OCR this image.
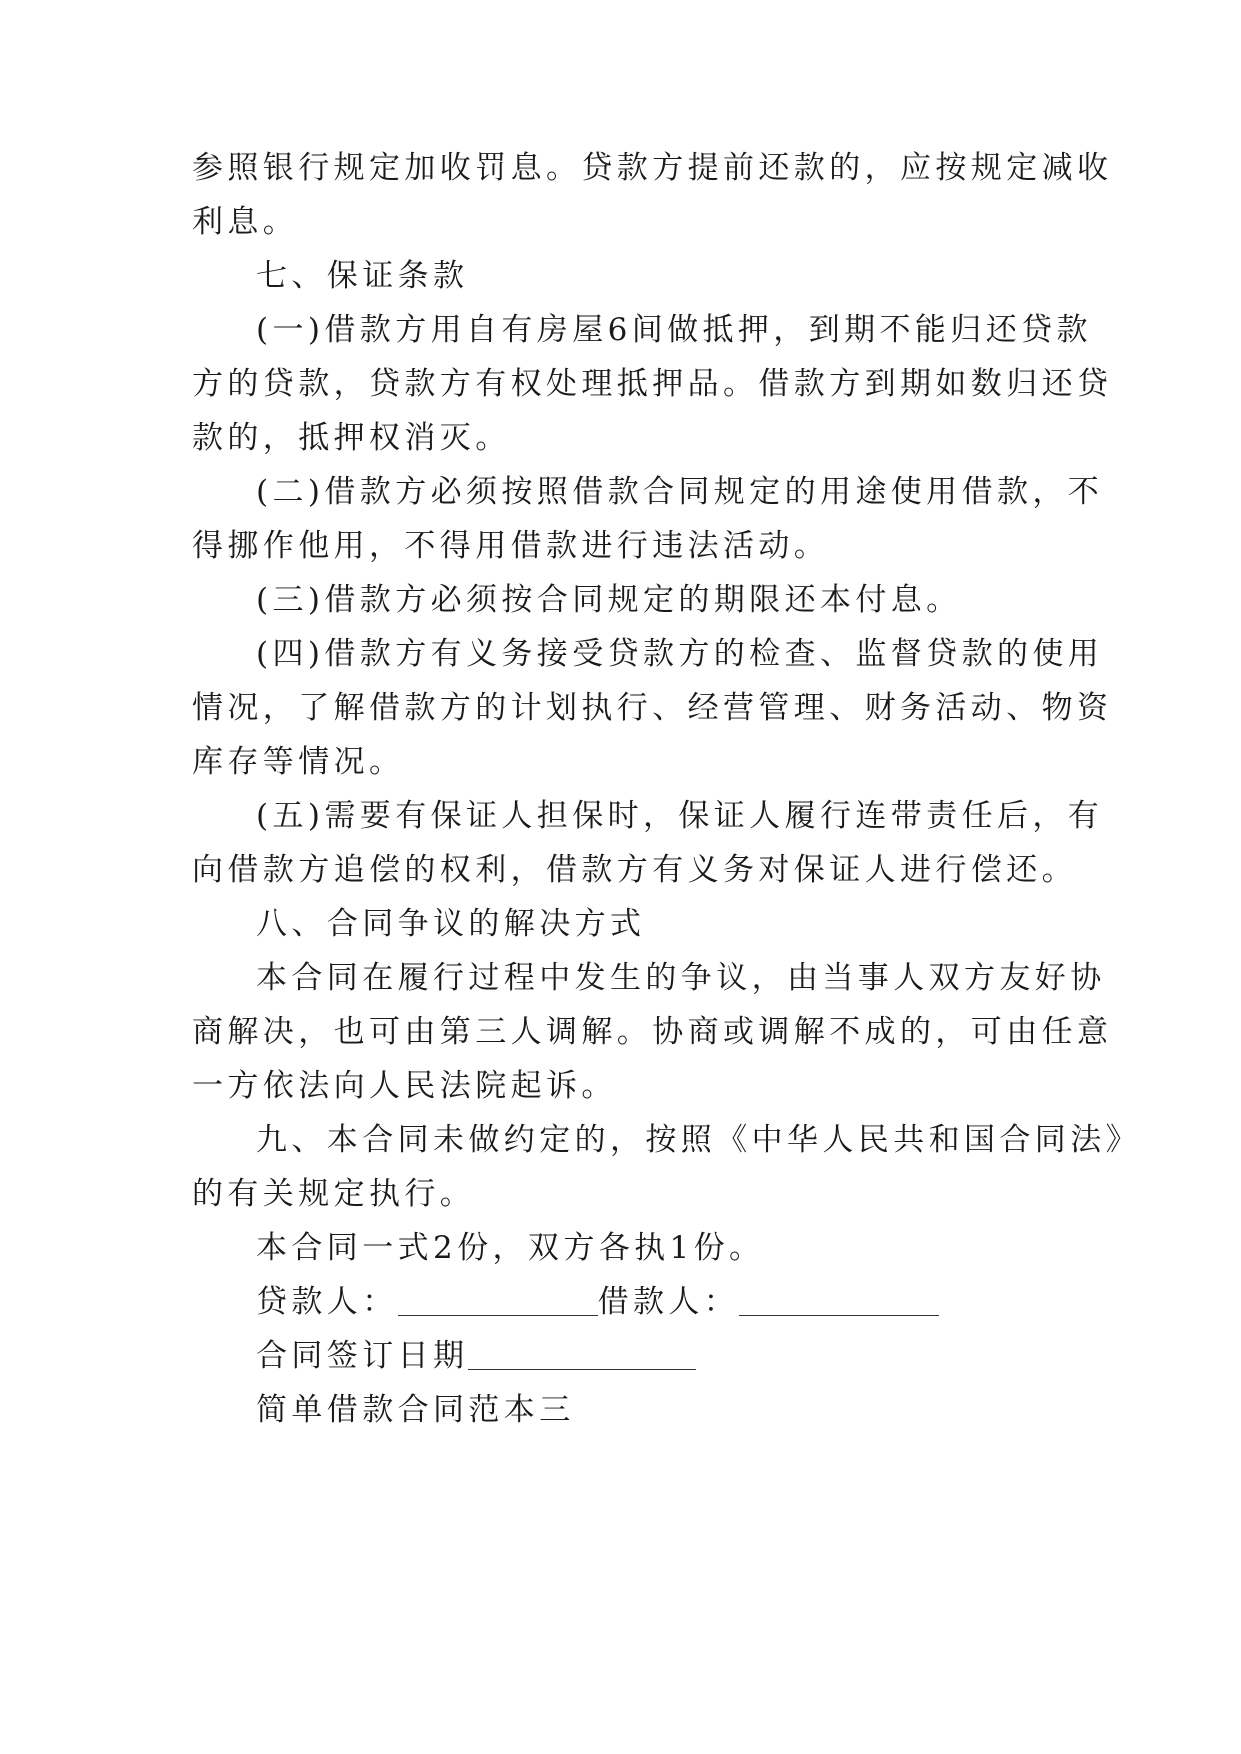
参照银行规定加收罚息。贷款方提前还款的，应按规定减收
利息。
七、保证条款
(一)借款方用自有房屋6间做抵押，到期不能归还贷款
方的贷款，贷款方有权处理抵押品。借款方到期如数归还贷
款的，抵押权消灭。
(二)借款方必须按照借款合同规定的用途使用借款，不
得挪作他用，不得用借款进行违法活动。
(三)借款方必须按合同规定的期限还本付息。
(四)借款方有义务接受贷款方的检查、监督贷款的使用
情况，了解借款方的计划执行、经营管理、财务活动、物资
库存等情况。
(五)需要有保证人担保时，保证人履行连带责任后，有
向借款方追偿的权利，借款方有义务对保证人进行偿还。
八、合同争议的解决方式
本合同在履行过程中发生的争议，由当事人双方友好协
商解决，也可由第三人调解。协商或调解不成的，可由任意
一方依法向人民法院起诉。
九、本合同未做约定的，按照《中华人民共和国合同法》
的有关规定执行。
本合同一式2份，双方各执1份。
贷款人：	借款人：
合同签订日期
简单借款合同范本三
